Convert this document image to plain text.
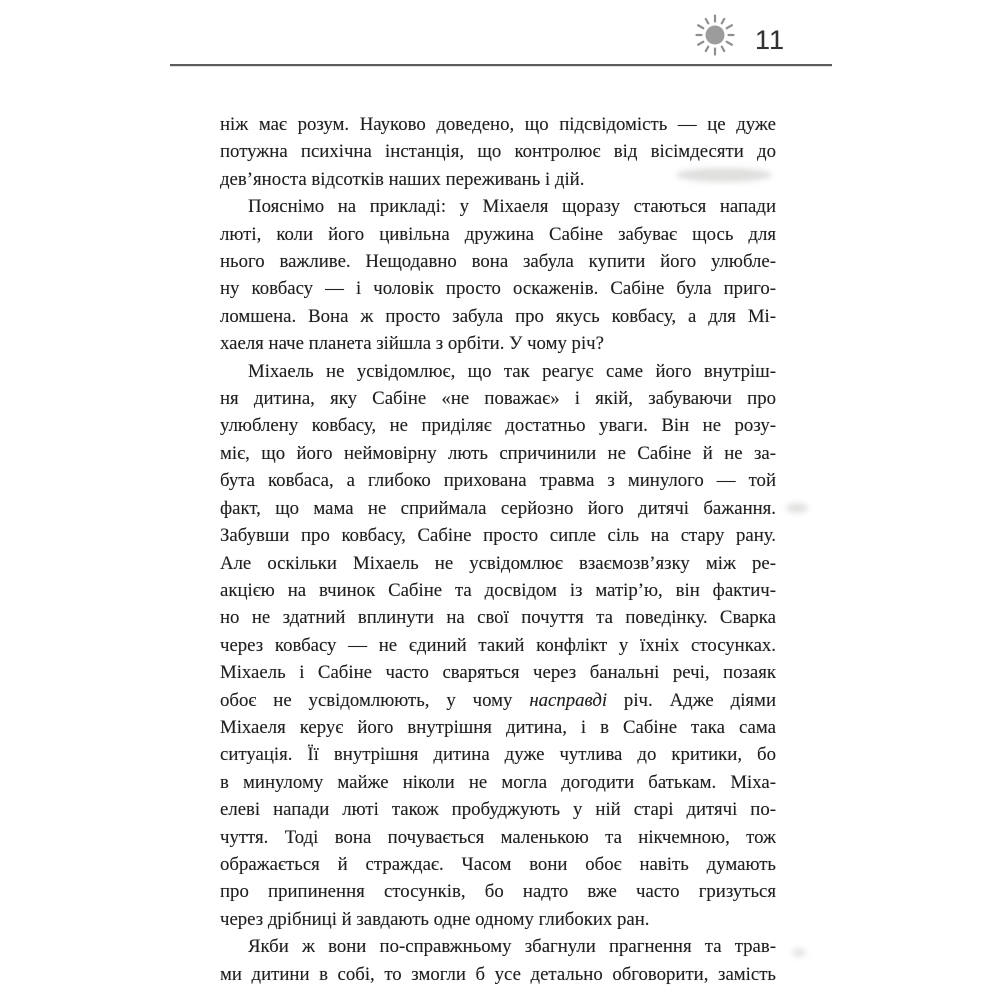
11
ніж має розум. Науково доведено, що підсвідомість — це дуже
потужна психічна інстанція, що контролює від вісімдесяти до
дев’яноста відсотків наших переживань і дій.
Пояснімо на прикладі: у Міхаеля щоразу стаються напади
люті, коли його цивільна дружина Сабіне забуває щось для
нього важливе. Нещодавно вона забула купити його улюбле-
ну ковбасу — і чоловік просто оскаженів. Сабіне була приго-
ломшена. Вона ж просто забула про якусь ковбасу, а для Мі-
хаеля наче планета зійшла з орбіти. У чому річ?
Міхаель не усвідомлює, що так реагує саме його внутріш-
ня дитина, яку Сабіне «не поважає» і якій, забуваючи про
улюблену ковбасу, не приділяє достатньо уваги. Він не розу-
міє, що його неймовірну лють спричинили не Сабіне й не за-
бута ковбаса, а глибоко прихована травма з минулого — той
факт, що мама не сприймала серйозно його дитячі бажання.
Забувши про ковбасу, Сабіне просто сипле сіль на стару рану.
Але оскільки Міхаель не усвідомлює взаємозв’язку між ре-
акцією на вчинок Сабіне та досвідом із матір’ю, він фактич-
но не здатний вплинути на свої почуття та поведінку. Сварка
через ковбасу — не єдиний такий конфлікт у їхніх стосунках.
Міхаель і Сабіне часто сваряться через банальні речі, позаяк
обоє не усвідомлюють, у чому насправді річ. Адже діями
Міхаеля керує його внутрішня дитина, і в Сабіне така сама
ситуація. Її внутрішня дитина дуже чутлива до критики, бо
в минулому майже ніколи не могла догодити батькам. Міха-
елеві напади люті також пробуджують у ній старі дитячі по-
чуття. Тоді вона почувається маленькою та нікчемною, тож
ображається й страждає. Часом вони обоє навіть думають
про припинення стосунків, бо надто вже часто гризуться
через дрібниці й завдають одне одному глибоких ран.
Якби ж вони по-справжньому збагнули прагнення та трав-
ми дитини в собі, то змогли б усе детально обговорити, замість
